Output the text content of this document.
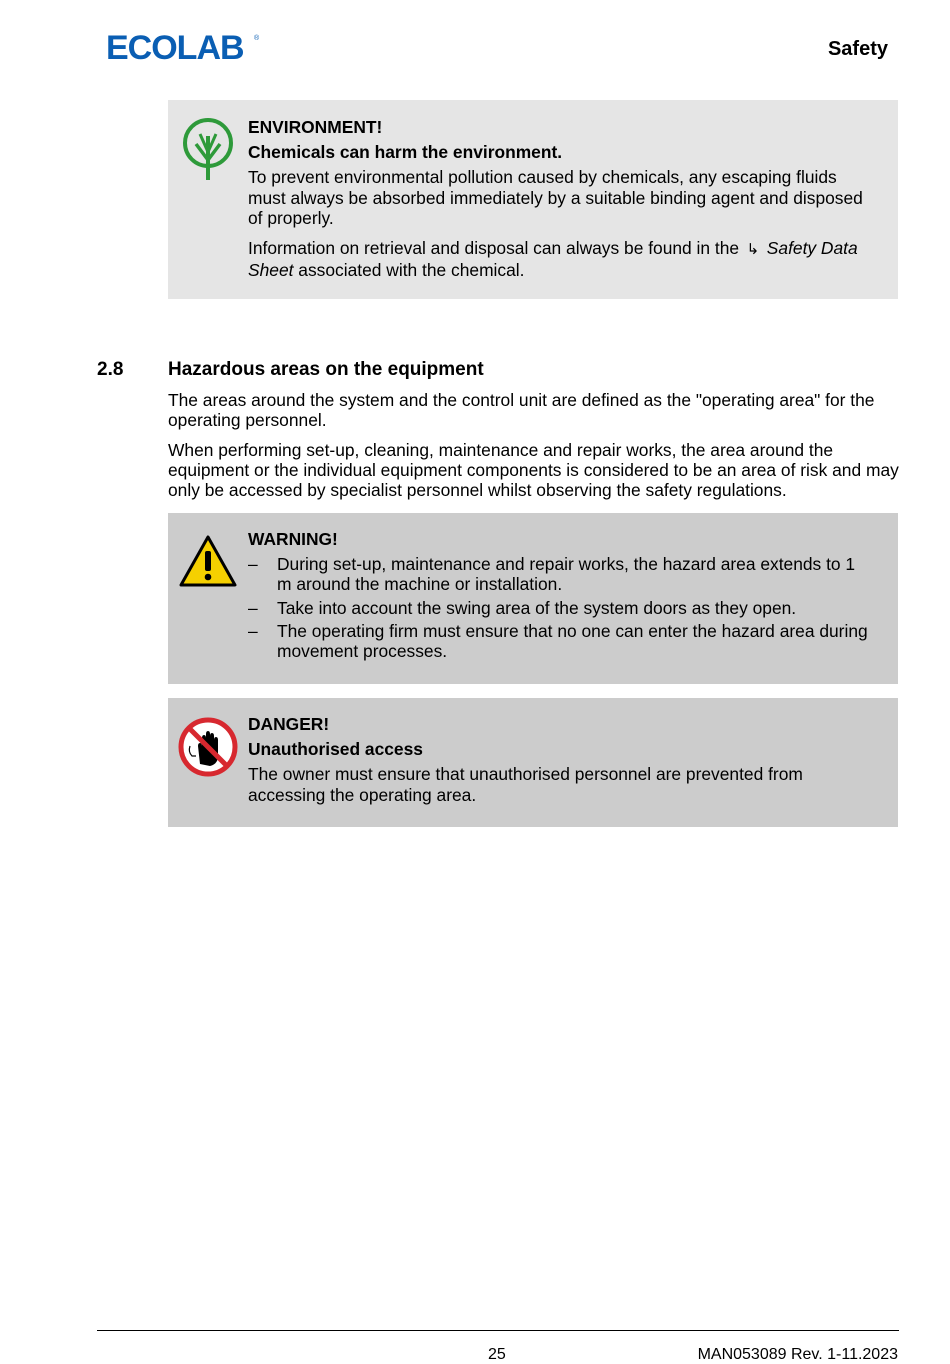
ECOLAB ®	Safety

ENVIRONMENT!

Chemicals can harm the environment.

To prevent environmental pollution caused by chemicals, any escaping fluids must always be absorbed immediately by a suitable binding agent and disposed of properly.

Information on retrieval and disposal can always be found in the ↳ Safety Data Sheet associated with the chemical.

2.8 Hazardous areas on the equipment

The areas around the system and the control unit are defined as the "operating area" for the operating personnel.

When performing set-up, cleaning, maintenance and repair works, the area around the equipment or the individual equipment components is considered to be an area of risk and may only be accessed by specialist personnel whilst observing the safety regulations.

WARNING!

– During set-up, maintenance and repair works, the hazard area extends to 1 m around the machine or installation.
– Take into account the swing area of the system doors as they open.
– The operating firm must ensure that no one can enter the hazard area during movement processes.

DANGER!

Unauthorised access

The owner must ensure that unauthorised personnel are prevented from accessing the operating area.

25	MAN053089 Rev. 1-11.2023
